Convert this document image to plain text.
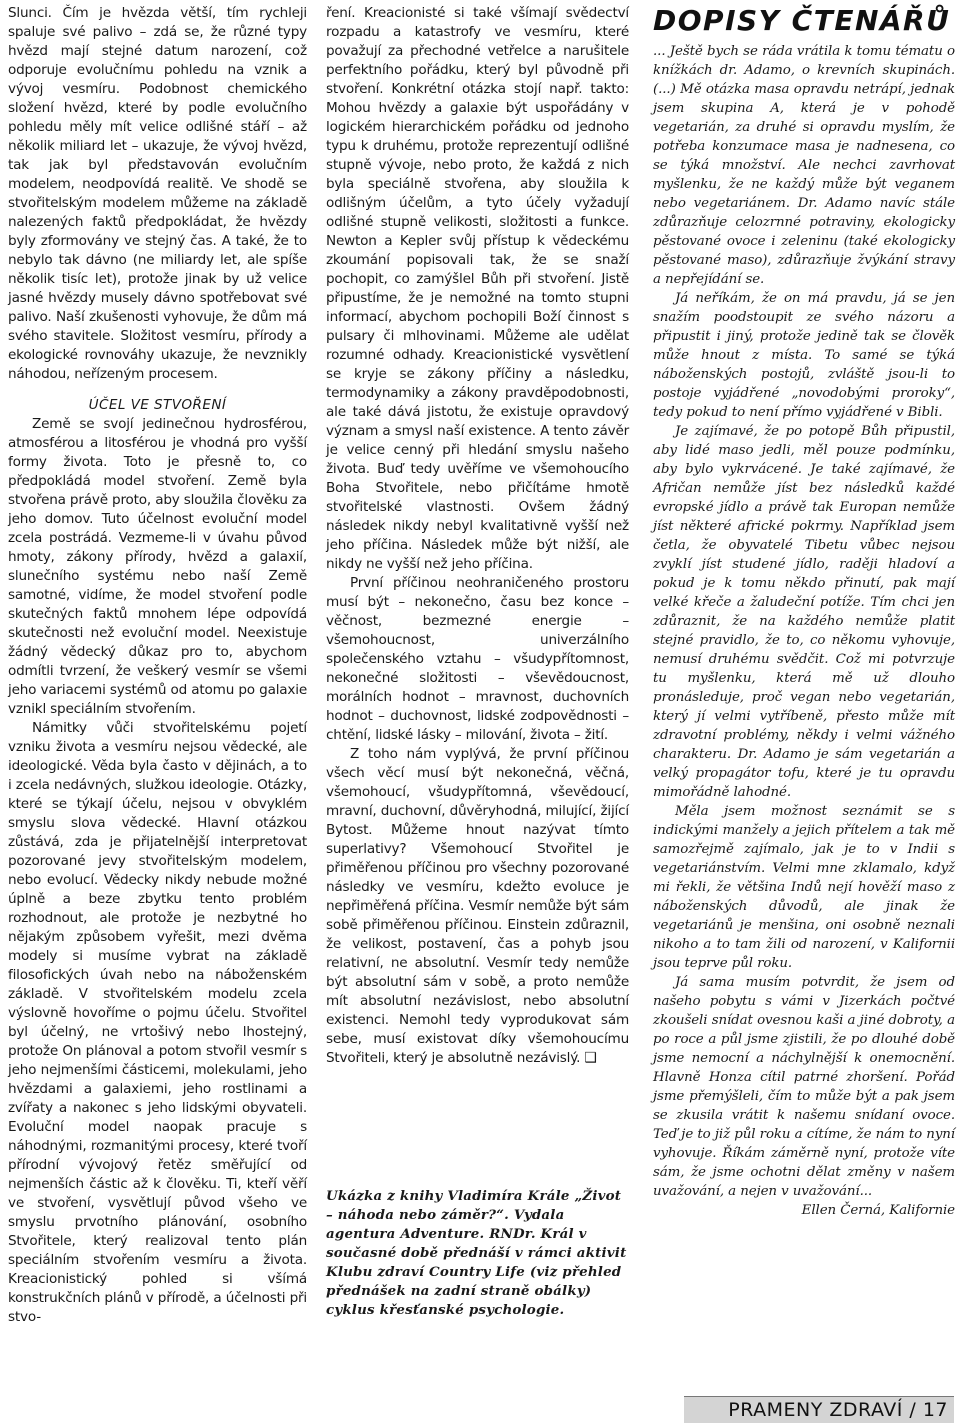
Slunci. Čím je hvězda větší, tím rychleji spaluje své palivo – zdá se, že různé typy hvězd mají stejné datum narození, což odporuje evolučnímu pohledu na vznik a vývoj vesmíru. Podobnost chemického složení hvězd, které by podle evolučního pohledu měly mít velice odlišné stáří – až několik miliard let – ukazuje, že vývoj hvězd, tak jak byl představován evolučním modelem, neodpovídá realitě. Ve shodě se stvořitelským modelem můžeme na základě nalezených faktů předpokládat, že hvězdy byly zformovány ve stejný čas. A také, že to nebylo tak dávno (ne miliardy let, ale spíše několik tisíc let), protože jinak by už velice jasné hvězdy musely dávno spotřebovat své palivo. Naší zkušenosti vyhovuje, že dům má svého stavitele. Složitost vesmíru, přírody a ekologické rovnováhy ukazuje, že nevznikly náhodou, neřízeným procesem.

ÚČEL VE STVOŘENÍ

Země se svojí jedinečnou hydrosférou, atmosférou a litosférou je vhodná pro vyšší formy života. Toto je přesně to, co předpokládá model stvoření. Země byla stvořena právě proto, aby sloužila člověku za jeho domov. Tuto účelnost evoluční model zcela postrádá. Vezmeme-li v úvahu původ hmoty, zákony přírody, hvězd a galaxií, slunečního systému nebo naší Země samotné, vidíme, že model stvoření podle skutečných faktů mnohem lépe odpovídá skutečnosti než evoluční model. Neexistuje žádný vědecký důkaz pro to, abychom odmítli tvrzení, že veškerý vesmír se všemi jeho variacemi systémů od atomu po galaxie vznikl speciálním stvořením.

Námitky vůči stvořitelskému pojetí vzniku života a vesmíru nejsou vědecké, ale ideologické. Věda byla často v dějinách, a to i zcela nedávných, služkou ideologie. Otázky, které se týkají účelu, nejsou v obvyklém smyslu slova vědecké. Hlavní otázkou zůstává, zda je přijatelnější interpretovat pozorované jevy stvořitelským modelem, nebo evolucí. Vědecky nikdy nebude možné úplně a beze zbytku tento problém rozhodnout, ale protože je nezbytné ho nějakým způsobem vyřešit, mezi dvěma modely si musíme vybrat na základě filosofických úvah nebo na náboženském základě. V stvořitelském modelu zcela výslovně hovoříme o pojmu účelu. Stvořitel byl účelný, ne vrtošivý nebo lhostejný, protože On plánoval a potom stvořil vesmír s jeho nejmenšími částicemi, molekulami, jeho hvězdami a galaxiemi, jeho rostlinami a zvířaty a nakonec s jeho lidskými obyvateli. Evoluční model naopak pracuje s náhodnými, rozmanitými procesy, které tvoří přírodní vývojový řetěz směřující od nejmenších částic až k člověku. Ti, kteří věří ve stvoření, vysvětlují původ všeho ve smyslu prvotního plánování, osobního Stvořitele, který realizoval tento plán speciálním stvořením vesmíru a života. Kreacionistický pohled si všímá konstrukčních plánů v přírodě, a účelnosti při stvo-

ření. Kreacionisté si také všímají svědectví rozpadu a katastrofy ve vesmíru, které považují za přechodné vetřelce a narušitele perfektního pořádku, který byl původně při stvoření. Konkrétní otázka stojí např. takto: Mohou hvězdy a galaxie být uspořádány v logickém hierarchickém pořádku od jednoho typu k druhému, protože reprezentují odlišné stupně vývoje, nebo proto, že každá z nich byla speciálně stvořena, aby sloužila k odlišným účelům, a tyto účely vyžadují odlišné stupně velikosti, složitosti a funkce. Newton a Kepler svůj přístup k vědeckému zkoumání popisovali tak, že se snaží pochopit, co zamýšlel Bůh při stvoření. Jistě připustíme, že je nemožné na tomto stupni informací, abychom pochopili Boží činnost s pulsary či mlhovinami. Můžeme ale udělat rozumné odhady. Kreacionistické vysvětlení se kryje se zákony příčiny a následku, termodynamiky a zákony pravděpodobnosti, ale také dává jistotu, že existuje opravdový význam a smysl naší existence. A tento závěr je velice cenný při hledání smyslu našeho života. Buď tedy uvěříme ve všemohoucího Boha Stvořitele, nebo přičítáme hmotě stvořitelské vlastnosti. Ovšem žádný následek nikdy nebyl kvalitativně vyšší než jeho příčina. Následek může být nižší, ale nikdy ne vyšší než jeho příčina.

První příčinou neohraničeného prostoru musí být – nekonečno, času bez konce – věčnost, bezmezné energie – všemohoucnost, univerzálního společenského vztahu – všudypřítomnost, nekonečné složitosti – vševědoucnost, morálních hodnot – mravnost, duchovních hodnot – duchovnost, lidské zodpovědnosti – chtění, lidské lásky – milování, života – žití.

Z toho nám vyplývá, že první příčinou všech věcí musí být nekonečná, věčná, všemohoucí, všudypřítomná, vševědoucí, mravní, duchovní, důvěryhodná, milující, žijící Bytost. Můžeme hnout nazývat tímto superlativy? Všemohoucí Stvořitel je přiměřenou příčinou pro všechny pozorované následky ve vesmíru, kdežto evoluce je nepřiměřená příčina. Vesmír nemůže být sám sobě přiměřenou příčinou. Einstein zdůraznil, že velikost, postavení, čas a pohyb jsou relativní, ne absolutní. Vesmír tedy nemůže být absolutní sám v sobě, a proto nemůže mít absolutní nezávislost, nebo absolutní existenci. Nemohl tedy vyprodukovat sám sebe, musí existovat díky všemohoucímu Stvořiteli, který je absolutně nezávislý. ❑

Ukázka z knihy Vladimíra Krále „Život – náhoda nebo záměr?“. Vydala agentura Adventure. RNDr. Král v současné době přednáší v rámci aktivit Klubu zdraví Country Life (viz přehled přednášek na zadní straně obálky) cyklus křesťanské psychologie.

DOPISY ČTENÁŘŮ

... Ještě bych se ráda vrátila k tomu tématu o knížkách dr. Adamo, o krevních skupinách. (...) Mě otázka masa opravdu netrápí, jednak jsem skupina A, která je v pohodě vegetarián, za druhé si opravdu myslím, že potřeba konzumace masa je nadnesena, co se týká množství. Ale nechci zavrhovat myšlenku, že ne každý může být veganem nebo vegetariánem. Dr. Adamo navíc stále zdůrazňuje celozrnné potraviny, ekologicky pěstované ovoce i zeleninu (také ekologicky pěstované maso), zdůrazňuje žvýkání stravy a nepřejídání se.

Já neříkám, že on má pravdu, já se jen snažím poodstoupit ze svého názoru a připustit i jiný, protože jedině tak se člověk může hnout z místa. To samé se týká náboženských postojů, zvláště jsou-li to postoje vyjádřené „novodobými proroky“, tedy pokud to není přímo vyjádřené v Bibli.

Je zajímavé, že po potopě Bůh připustil, aby lidé maso jedli, měl pouze podmínku, aby bylo vykrvácené. Je také zajímavé, že Afričan nemůže jíst bez následků každé evropské jídlo a právě tak Europan nemůže jíst některé africké pokrmy. Například jsem četla, že obyvatelé Tibetu vůbec nejsou zvyklí jíst studené jídlo, raději hladoví a pokud je k tomu někdo přinutí, pak mají velké křeče a žaludeční potíže. Tím chci jen zdůraznit, že na každého nemůže platit stejné pravidlo, že to, co někomu vyhovuje, nemusí druhému svědčit. Což mi potvrzuje tu myšlenku, která mě už dlouho pronásleduje, proč vegan nebo vegetarián, který jí velmi vytříbeně, přesto může mít zdravotní problémy, někdy i velmi vážného charakteru. Dr. Adamo je sám vegetarián a velký propagátor tofu, které je tu opravdu mimořádně lahodné.

Měla jsem možnost seznámit se s indickými manžely a jejich přítelem a tak mě samozřejmě zajímalo, jak je to v Indii s vegetariánstvím. Velmi mne zklamalo, když mi řekli, že většina Indů nejí hověží maso z náboženských důvodů, ale jinak že vegetariánů je menšina, oni osobně neznali nikoho a to tam žili od narození, v Kalifornii jsou teprve půl roku.

Já sama musím potvrdit, že jsem od našeho pobytu s vámi v Jizerkách počtvé zkoušeli snídat ovesnou kaši a jiné dobroty, a po roce a půl jsme zjistili, že po dlouhé době jsme nemocní a náchylnější k onemocnění. Hlavně Honza cítil patrné zhoršení. Pořád jsme přemýšleli, čím to může být a pak jsem se zkusila vrátit k našemu snídaní ovoce. Teď je to již půl roku a cítíme, že nám to nyní vyhovuje. Říkám záměrně nyní, protože víte sám, že jsme ochotni dělat změny v našem uvažování, a nejen v uvažování...

Ellen Černá, Kalifornie

PRAMENY ZDRAVÍ / 17
